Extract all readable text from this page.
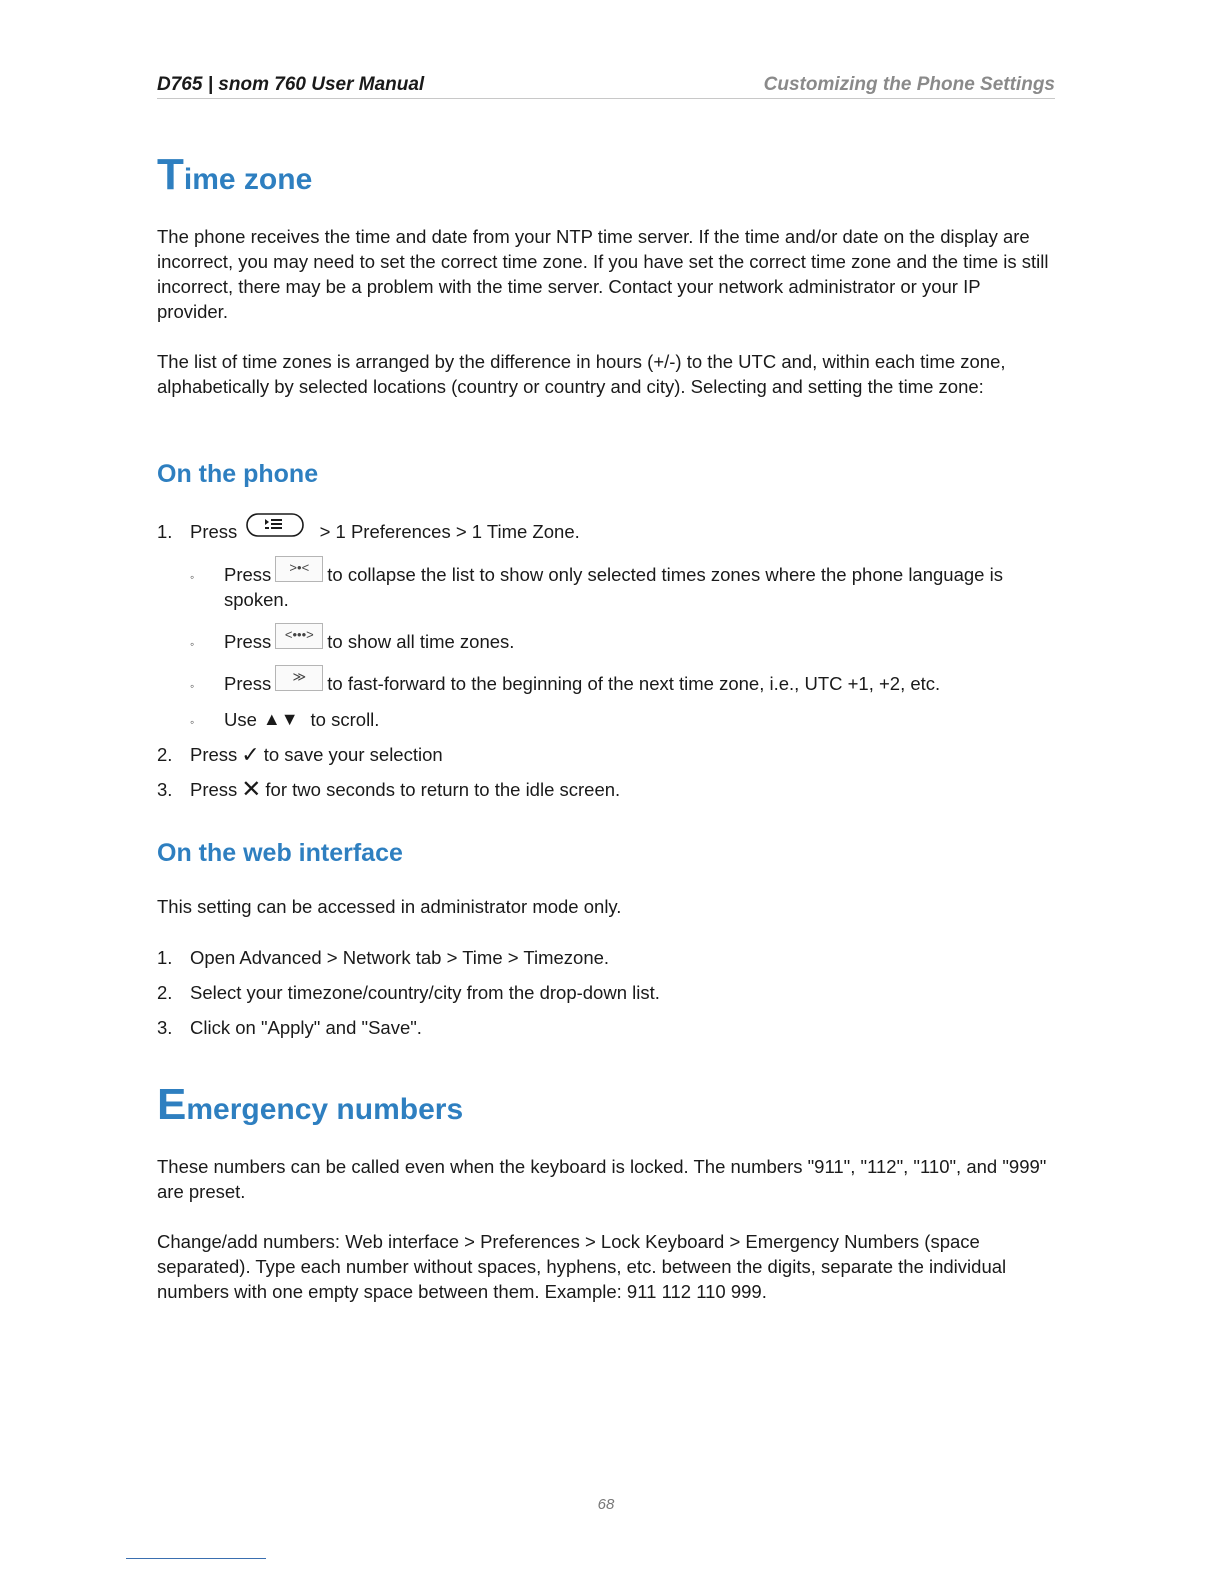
D765 | snom 760 User Manual	Customizing the Phone Settings
Time zone
The phone receives the time and date from your NTP time server. If the time and/or date on the display are incorrect, you may need to set the correct time zone. If you have set the correct time zone and the time is still incorrect, there may be a problem with the time server. Contact your network administrator or your IP provider.
The list of time zones is arranged by the difference in hours (+/-) to the UTC and, within each time zone, alphabetically by selected locations (country or country and city). Selecting and setting the time zone:
On the phone
1. Press	> 1 Preferences > 1 Time Zone.
◦ Press >•< to collapse the list to show only selected times zones where the phone language is
spoken.
◦ Press <•••> to show all time zones.
◦ Press ≫ to fast-forward to the beginning of the next time zone, i.e., UTC +1, +2, etc.
◦ Use ▲▼ to scroll.
2. Press ✓ to save your selection
3. Press ✕ for two seconds to return to the idle screen.
On the web interface
This setting can be accessed in administrator mode only.
1. Open Advanced > Network tab > Time > Timezone.
2. Select your timezone/country/city from the drop-down list.
3. Click on "Apply" and "Save".
Emergency numbers
These numbers can be called even when the keyboard is locked. The numbers "911", "112", "110", and "999" are preset.
Change/add numbers: Web interface > Preferences > Lock Keyboard > Emergency Numbers (space separated). Type each number without spaces, hyphens, etc. between the digits, separate the individual numbers with one empty space between them. Example: 911 112 110 999.
68
